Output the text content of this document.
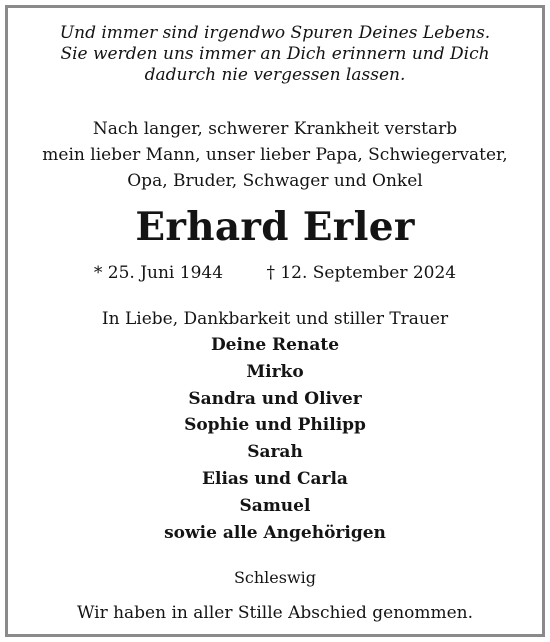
Und immer sind irgendwo Spuren Deines Lebens.
Sie werden uns immer an Dich erinnern und Dich
dadurch nie vergessen lassen.
Nach langer, schwerer Krankheit verstarb
mein lieber Mann, unser lieber Papa, Schwiegervater,
Opa, Bruder, Schwager und Onkel
Erhard Erler
* 25. Juni 1944	† 12. September 2024
In Liebe, Dankbarkeit und stiller Trauer
Deine Renate
Mirko
Sandra und Oliver
Sophie und Philipp
Sarah
Elias und Carla
Samuel
sowie alle Angehörigen
Schleswig
Wir haben in aller Stille Abschied genommen.
